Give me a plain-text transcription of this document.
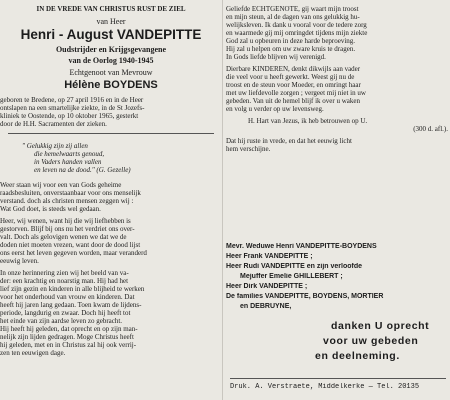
IN DE VREDE VAN CHRISTUS RUST DE ZIEL
van Heer
Henri - August VANDEPITTE
Oudstrijder en Krijgsgevangene
van de Oorlog 1940-1945
Echtgenoot van Mevrouw
Hélène BOYDENS
geboren te Bredene, op 27 april 1916 en in de Heer
ontslapen na een smartelijke ziekte, in de St Jozefs-
kliniek te Oostende, op 10 oktober 1965, gesterkt
door de H.H. Sacramenten der zieken.
" Gelukkig zijn zij allen
die hemelwaarts genoud,
in Vaders handen vallen
en leven na de dood." (G. Gezelle)
Weer staan wij voor een van Gods geheime
raadsbesluiten, onverstaanbaar voor ons menselijk
verstand. doch als christen mensen zeggen wij :
Wat God doet, is steeds wel gedaan.
Heer, wij wenen, want hij die wij liefhebben is
gestorven. Blijf bij ons nu het verdriet ons over-
valt. Doch als gelovigen wenen we dat we de
doden niet moeten vrezen, want door de dood lijst
ons eerst het leven gegeven worden, maar veranderd
eeuwig leven.
In onze herinnering zien wij het beeld van va-
der: een krachtig en noarstig man. Hij had het
lief zijn gezin en kinderen in alle blijheid te werken
voor het onderhoud van vrouw en kinderen. Dat
heeft hij jaren lang gedaan. Toen kwam de lijdens-
periode, langdurig en zwaar. Doch hij heeft tot
het einde van zijn aardse leven zo gebracht.
Hij heeft hij geleden, dat oprecht en op zijn man-
nelijk zijn lijden gedragen. Moge Christus heeft
hij geleden, met en in Christus zal hij ook verrij-
zen ten eeuwigen dage.
Geliefde ECHTGENOTE, gij waart mijn troost
en mijn steun, al de dagen van ons gelukkig hu-
welijksleven. Ik dank u vooral voor de tedere zorg
en waarmede gij mij omringdet tijdens mijn ziekte
God zal u opbeuren in deze harde beproeving.
Hij zal u helpen om uw zware kruis te dragen.
In Gods liefde blijven wij verenigd.
Dierbare KINDEREN, denkt dikwijls aan vader
die veel voor u heeft gewerkt. Weest gij nu de
troost en de steun voor Moeder, en omringt haar
met uw liefdevolle zorgen ; vergeet mij niet in uw
gebeden. Van uit de hemel blijf ik over u waken
en volg u verder op uw levensweg.
H. Hart van Jezus, ik heb betrouwen op U.
(300 d. afl.).
Dat hij ruste in vrede, en dat het eeuwig licht
hem verschijne.
Mevr. Weduwe Henri VANDEPITTE-BOYDENS
Heer Frank VANDEPITTE ;
Heer Rudi VANDEPITTE en zijn verloofde
Mejuffer Emelie GHILLEBERT ;
Heer Dirk VANDEPITTE ;
De families VANDEPITTE, BOYDENS, MORTIER
en DEBRUYNE,
danken U oprecht
voor uw gebeden
en deelneming.
Druk. A. Verstraete, Middelkerke — Tel. 20135
